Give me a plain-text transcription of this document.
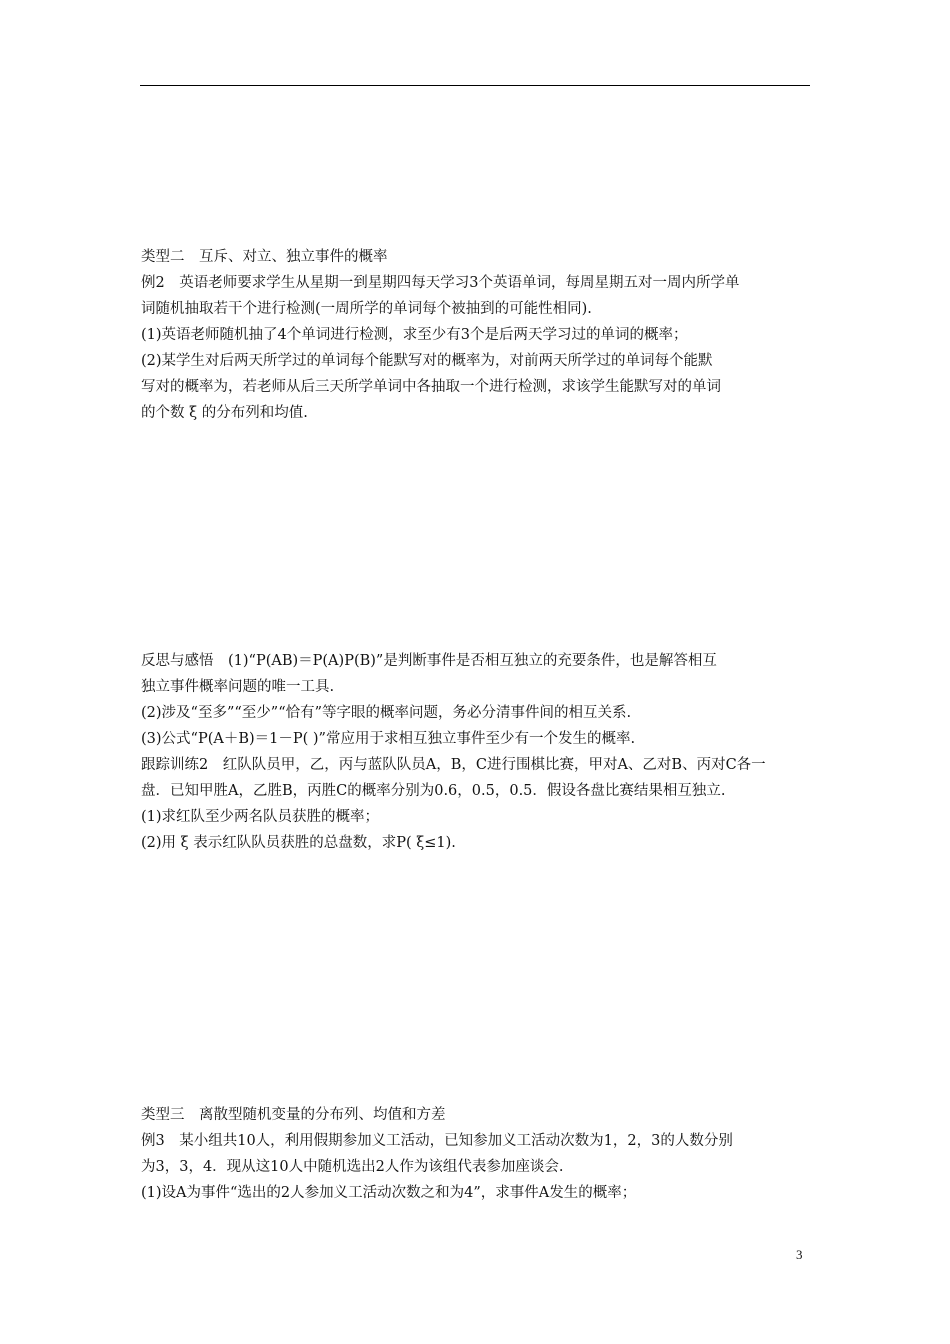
类型二　互斥、对立、独立事件的概率
例2　英语老师要求学生从星期一到星期四每天学习3个英语单词，每周星期五对一周内所学单
词随机抽取若干个进行检测(一周所学的单词每个被抽到的可能性相同).
(1)英语老师随机抽了4个单词进行检测，求至少有3个是后两天学习过的单词的概率；
(2)某学生对后两天所学过的单词每个能默写对的概率为，对前两天所学过的单词每个能默
写对的概率为，若老师从后三天所学单词中各抽取一个进行检测，求该学生能默写对的单词
的个数 ξ 的分布列和均值.
反思与感悟　(1)“P(AB)＝P(A)P(B)”是判断事件是否相互独立的充要条件，也是解答相互
独立事件概率问题的唯一工具.
(2)涉及“至多”“至少”“恰有”等字眼的概率问题，务必分清事件间的相互关系.
(3)公式“P(A＋B)＝1－P( )”常应用于求相互独立事件至少有一个发生的概率.
跟踪训练2　红队队员甲，乙，丙与蓝队队员A，B，C进行围棋比赛，甲对A、乙对B、丙对C各一
盘．已知甲胜A，乙胜B，丙胜C的概率分别为0.6，0.5，0.5．假设各盘比赛结果相互独立.
(1)求红队至少两名队员获胜的概率；
(2)用 ξ 表示红队队员获胜的总盘数，求P( ξ≤1).
类型三　离散型随机变量的分布列、均值和方差
例3　某小组共10人，利用假期参加义工活动，已知参加义工活动次数为1，2，3的人数分别
为3，3，4．现从这10人中随机选出2人作为该组代表参加座谈会.
(1)设A为事件“选出的2人参加义工活动次数之和为4”，求事件A发生的概率；
3
